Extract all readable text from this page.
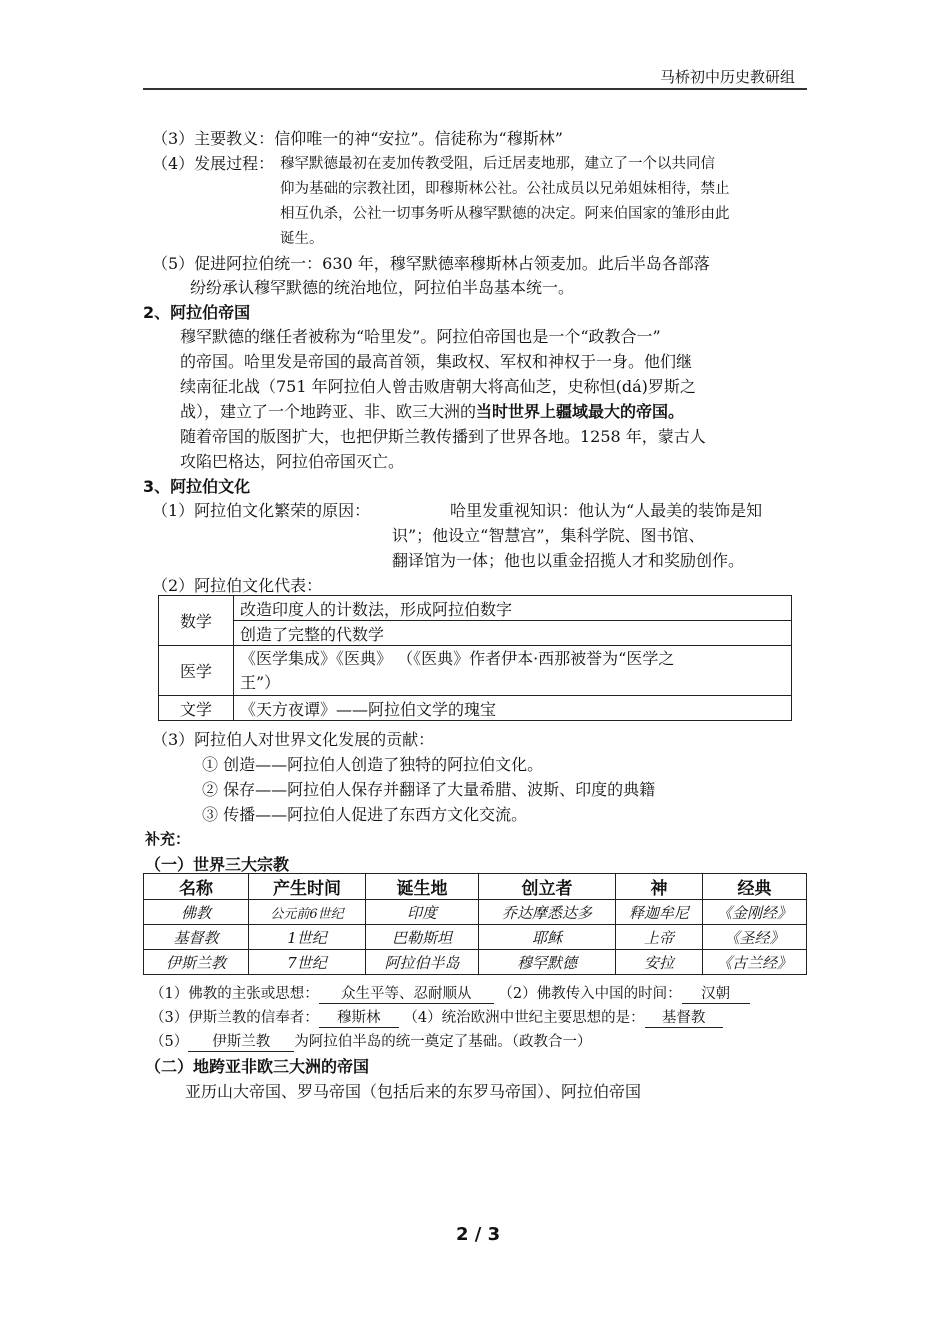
马桥初中历史教研组
（3）主要教义：信仰唯一的神“安拉”。信徒称为“穆斯林”
（4）发展过程： 穆罕默德最初在麦加传教受阻，后迁居麦地那，建立了一个以共同信
仰为基础的宗教社团，即穆斯林公社。公社成员以兄弟姐妹相待，禁止
相互仇杀，公社一切事务听从穆罕默德的决定。阿来伯国家的雏形由此
诞生。
（5）促进阿拉伯统一：630 年，穆罕默德率穆斯林占领麦加。此后半岛各部落
纷纷承认穆罕默德的统治地位，阿拉伯半岛基本统一。
2、阿拉伯帝国
穆罕默德的继任者被称为“哈里发”。阿拉伯帝国也是一个“政教合一”
的帝国。哈里发是帝国的最高首领，集政权、军权和神权于一身。他们继
续南征北战（751 年阿拉伯人曾击败唐朝大将高仙芝，史称怛(dá)罗斯之
战），建立了一个地跨亚、非、欧三大洲的当时世界上疆域最大的帝国。
随着帝国的版图扩大，也把伊斯兰教传播到了世界各地。1258 年，蒙古人
攻陷巴格达，阿拉伯帝国灭亡。
3、阿拉伯文化
（1）阿拉伯文化繁荣的原因：	哈里发重视知识：他认为“人最美的装饰是知
识”；他设立“智慧宫”，集科学院、图书馆、
翻译馆为一体；他也以重金招揽人才和奖励创作。
（2）阿拉伯文化代表：
数学	改造印度人的计数法，形成阿拉伯数字
	创造了完整的代数学
医学	《医学集成》《医典》 （《医典》作者伊本·西那被誉为“医学之
王”）
文学	《天方夜谭》——阿拉伯文学的瑰宝
（3）阿拉伯人对世界文化发展的贡献：
① 创造——阿拉伯人创造了独特的阿拉伯文化。
② 保存——阿拉伯人保存并翻译了大量希腊、波斯、印度的典籍
③ 传播——阿拉伯人促进了东西方文化交流。
补充：
（一）世界三大宗教
名称	产生时间	诞生地	创立者	神	经典
佛教	公元前6世纪	印度	乔达摩悉达多	释迦牟尼	《金刚经》
基督教	1世纪	巴勒斯坦	耶稣	上帝	《圣经》
伊斯兰教	7世纪	阿拉伯半岛	穆罕默德	安拉	《古兰经》
（1）佛教的主张或思想： 众生平等、忍耐顺从 （2）佛教传入中国的时间： 汉朝
（3）伊斯兰教的信奉者： 穆斯林 （4）统治欧洲中世纪主要思想的是： 基督教
（5） 伊斯兰教 为阿拉伯半岛的统一奠定了基础。（政教合一）
（二）地跨亚非欧三大洲的帝国
亚历山大帝国、罗马帝国（包括后来的东罗马帝国）、阿拉伯帝国
2 / 3
